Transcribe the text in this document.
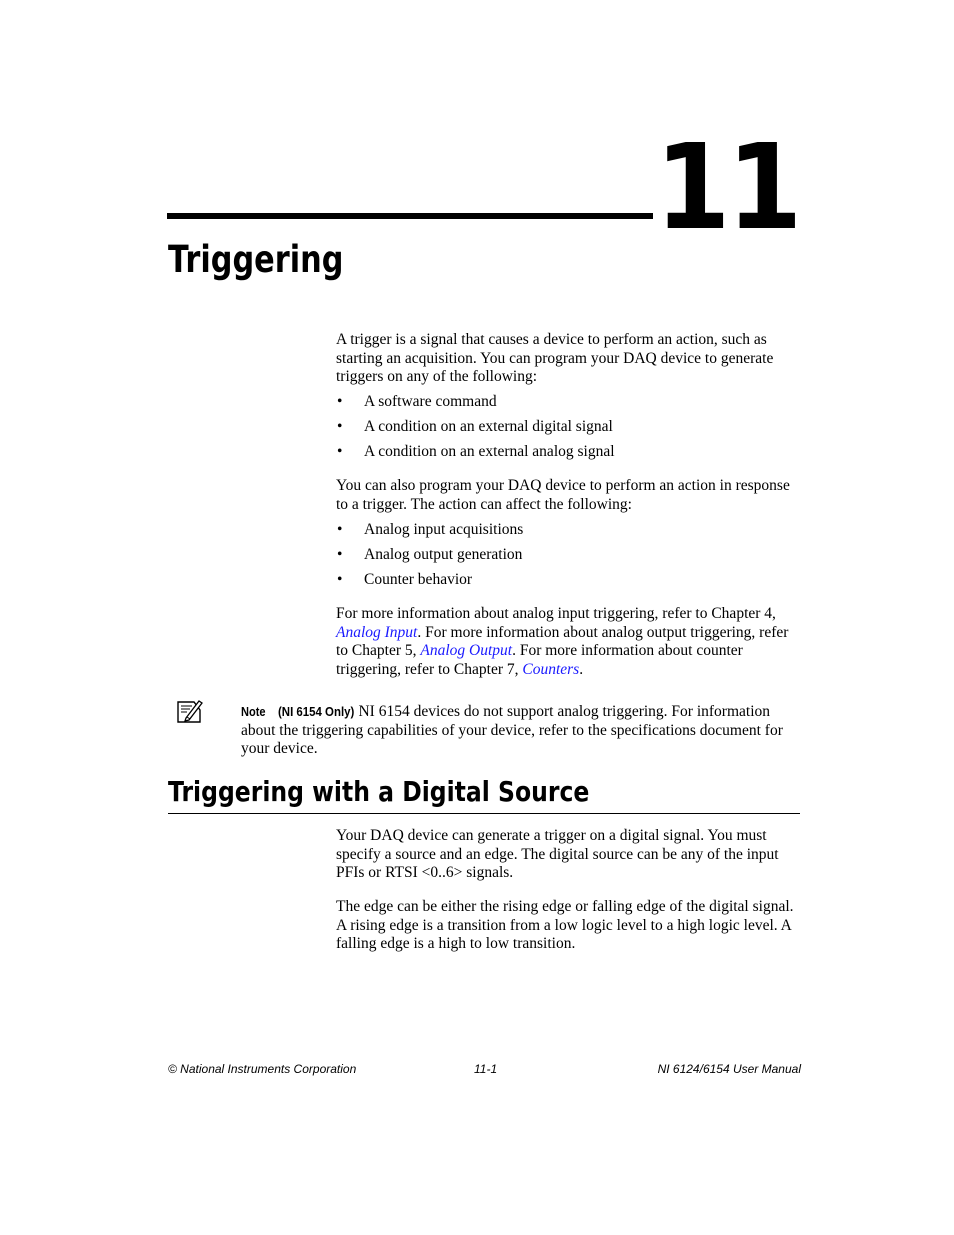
11
Triggering

A trigger is a signal that causes a device to perform an action, such as starting an acquisition. You can program your DAQ device to generate triggers on any of the following:

• A software command
• A condition on an external digital signal
• A condition on an external analog signal

You can also program your DAQ device to perform an action in response to a trigger. The action can affect the following:

• Analog input acquisitions
• Analog output generation
• Counter behavior

For more information about analog input triggering, refer to Chapter 4, Analog Input. For more information about analog output triggering, refer to Chapter 5, Analog Output. For more information about counter triggering, refer to Chapter 7, Counters.

Note (NI 6154 Only) NI 6154 devices do not support analog triggering. For information about the triggering capabilities of your device, refer to the specifications document for your device.

Triggering with a Digital Source

Your DAQ device can generate a trigger on a digital signal. You must specify a source and an edge. The digital source can be any of the input PFIs or RTSI <0..6> signals.

The edge can be either the rising edge or falling edge of the digital signal. A rising edge is a transition from a low logic level to a high logic level. A falling edge is a high to low transition.

© National Instruments Corporation	11-1	NI 6124/6154 User Manual
